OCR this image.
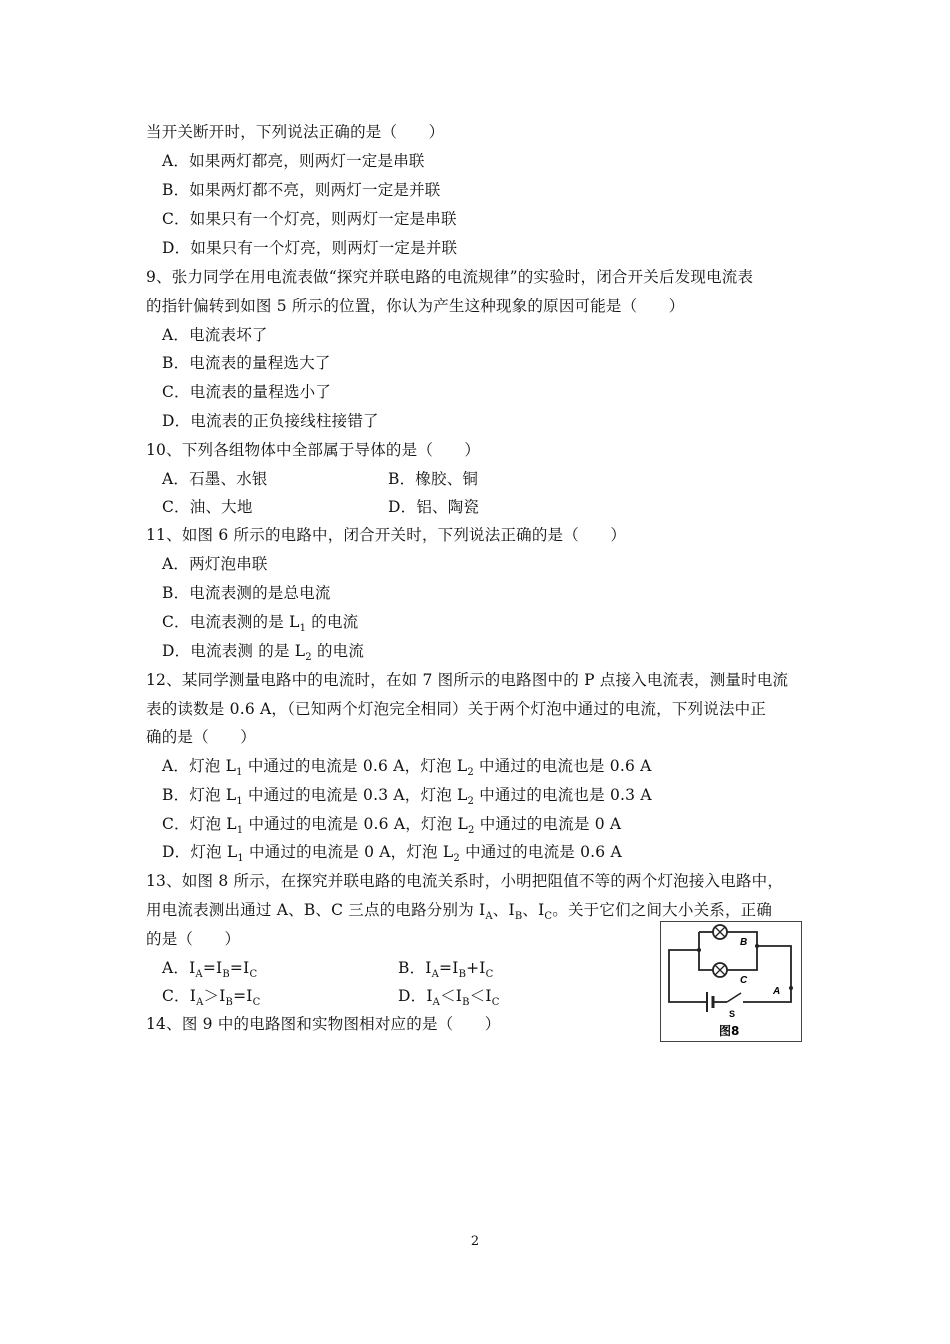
当开关断开时，下列说法正确的是（　　）
A．如果两灯都亮，则两灯一定是串联
B．如果两灯都不亮，则两灯一定是并联
C．如果只有一个灯亮，则两灯一定是串联
D．如果只有一个灯亮，则两灯一定是并联
9、张力同学在用电流表做“探究并联电路的电流规律”的实验时，闭合开关后发现电流表
的指针偏转到如图 5 所示的位置，你认为产生这种现象的原因可能是（　　）
A．电流表坏了
B．电流表的量程选大了
C．电流表的量程选小了
D．电流表的正负接线柱接错了
10、下列各组物体中全部属于导体的是（　　）
A．石墨、水银	B．橡胶、铜
C．油、大地	D．铝、陶瓷
11、如图 6 所示的电路中，闭合开关时，下列说法正确的是（　　）
A．两灯泡串联
B．电流表测的是总电流
C．电流表测的是 $L_1$ 的电流
D．电流表测 的是 $L_2$ 的电流
12、某同学测量电路中的电流时，在如 7 图所示的电路图中的 P 点接入电流表，测量时电流
表的读数是 0.6 A，（已知两个灯泡完全相同）关于两个灯泡中通过的电流，下列说法中正
确的是（　　）
A．灯泡 $L_1$ 中通过的电流是 0.6 A，灯泡 $L_2$ 中通过的电流也是 0.6 A
B．灯泡 $L_1$ 中通过的电流是 0.3 A，灯泡 $L_2$ 中通过的电流也是 0.3 A
C．灯泡 $L_1$ 中通过的电流是 0.6 A，灯泡 $L_2$ 中通过的电流是 0 A
D．灯泡 $L_1$ 中通过的电流是 0 A，灯泡 $L_2$ 中通过的电流是 0.6 A
13、如图 8 所示，在探究并联电路的电流关系时，小明把阻值不等的两个灯泡接入电路中，
用电流表测出通过 A、B、C 三点的电路分别为 $I_A$、$I_B$、$I_C$。关于它们之间大小关系，正确
的是（　　）
A．$I_A=I_B=I_C$	B．$I_A=I_B+I_C$
C．$I_A>I_B=I_C$	D．$I_A<I_B<I_C$
14、图 9 中的电路图和实物图相对应的是（　　）
B
C
A
S
图8
2
